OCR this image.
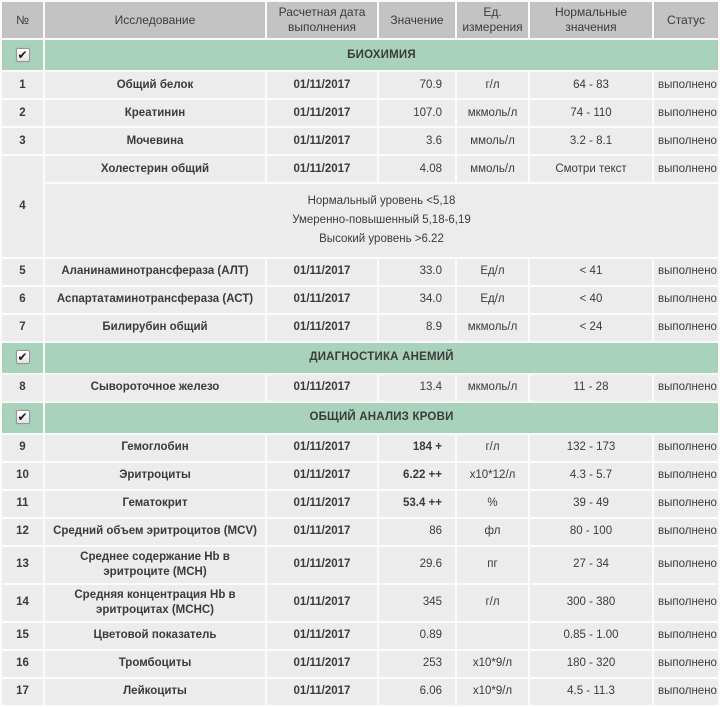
№	Исследование	Расчетная дата выполнения	Значение	Ед. измерения	Нормальные значения	Статус
✔	БИОХИМИЯ					
1	Общий белок	01/11/2017	70.9	г/л	64 - 83	выполнено
2	Креатинин	01/11/2017	107.0	мкмоль/л	74 - 110	выполнено
3	Мочевина	01/11/2017	3.6	ммоль/л	3.2 - 8.1	выполнено
4	Холестерин общий	01/11/2017	4.08	ммоль/л	Смотри текст	выполнено

	Нормальный уровень <5,18
Умеренно-повышенный 5,18-6,19
Высокий уровень >6.22					

5	Аланинаминотрансфераза (АЛТ)	01/11/2017	33.0	Ед/л	< 41	выполнено
6	Аспартатаминотрансфераза (АСТ)	01/11/2017	34.0	Ед/л	< 40	выполнено
7	Билирубин общий	01/11/2017	8.9	мкмоль/л	< 24	выполнено
✔	ДИАГНОСТИКА АНЕМИЙ					
8	Сывороточное железо	01/11/2017	13.4	мкмоль/л	11 - 28	выполнено
✔	ОБЩИЙ АНАЛИЗ КРОВИ					
9	Гемоглобин	01/11/2017	184 +	г/л	132 - 173	выполнено
10	Эритроциты	01/11/2017	6.22 ++	х10*12/л	4.3 - 5.7	выполнено
11	Гематокрит	01/11/2017	53.4 ++	%	39 - 49	выполнено
12	Средний объем эритроцитов (MCV)	01/11/2017	86	фл	80 - 100	выполнено
13	Среднее содержание Hb в эритроците (MCH)	01/11/2017	29.6	пг	27 - 34	выполнено
14	Средняя концентрация Hb в эритроцитах (MCHC)	01/11/2017	345	г/л	300 - 380	выполнено
15	Цветовой показатель	01/11/2017	0.89		0.85 - 1.00	выполнено
16	Тромбоциты	01/11/2017	253	х10*9/л	180 - 320	выполнено
17	Лейкоциты	01/11/2017	6.06	х10*9/л	4.5 - 11.3	выполнено
